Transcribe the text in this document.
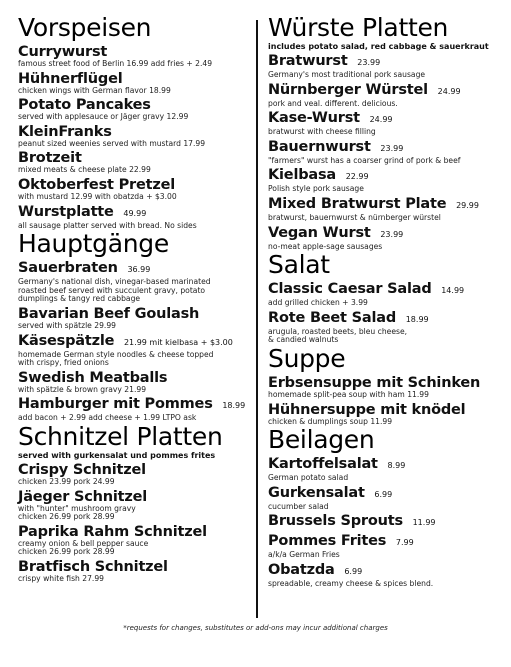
Vorspeisen
Currywurst
famous street food of Berlin 16.99 add fries + 2.49
Hühnerflügel
chicken wings with German flavor 18.99
Potato Pancakes
served with applesauce or Jäger gravy 12.99
KleinFranks
peanut sized weenies served with mustard 17.99
Brotzeit
mixed meats & cheese plate 22.99
Oktoberfest Pretzel
with mustard 12.99 with obatzda + $3.00
Wurstplatte 49.99
all sausage platter served with bread. No sides
Hauptgänge
Sauerbraten 36.99
Germany's national dish, vinegar-based marinated
roasted beef served with succulent gravy, potato
dumplings & tangy red cabbage
Bavarian Beef Goulash
served with spätzle 29.99
Käsespätzle 21.99 mit kielbasa + $3.00
homemade German style noodles & cheese topped
with crispy, fried onions
Swedish Meatballs
with spätzle & brown gravy 21.99
Hamburger mit Pommes 18.99
add bacon + 2.99 add cheese + 1.99 LTPO ask
Schnitzel Platten
served with gurkensalat und pommes frites
Crispy Schnitzel
chicken 23.99 pork 24.99
Jäeger Schnitzel
with "hunter" mushroom gravy
chicken 26.99 pork 28.99
Paprika Rahm Schnitzel
creamy onion & bell pepper sauce
chicken 26.99 pork 28.99
Bratfisch Schnitzel
crispy white fish 27.99
Würste Platten
includes potato salad, red cabbage & sauerkraut
Bratwurst 23.99
Germany's most traditional pork sausage
Nürnberger Würstel 24.99
pork and veal. different. delicious.
Kase-Wurst 24.99
bratwurst with cheese filling
Bauernwurst 23.99
"farmers" wurst has a coarser grind of pork & beef
Kielbasa 22.99
Polish style pork sausage
Mixed Bratwurst Plate 29.99
bratwurst, bauernwurst & nürnberger würstel
Vegan Wurst 23.99
no-meat apple-sage sausages
Salat
Classic Caesar Salad 14.99
add grilled chicken + 3.99
Rote Beet Salad 18.99
arugula, roasted beets, bleu cheese,
& candied walnuts
Suppe
Erbsensuppe mit Schinken
homemade split-pea soup with ham 11.99
Hühnersuppe mit knödel
chicken & dumplings soup 11.99
Beilagen
Kartoffelsalat 8.99
German potato salad
Gurkensalat 6.99
cucumber salad
Brussels Sprouts 11.99
Pommes Frites 7.99
a/k/a German Fries
Obatzda 6.99
spreadable, creamy cheese & spices blend.
*requests for changes, substitutes or add-ons may incur additional charges
